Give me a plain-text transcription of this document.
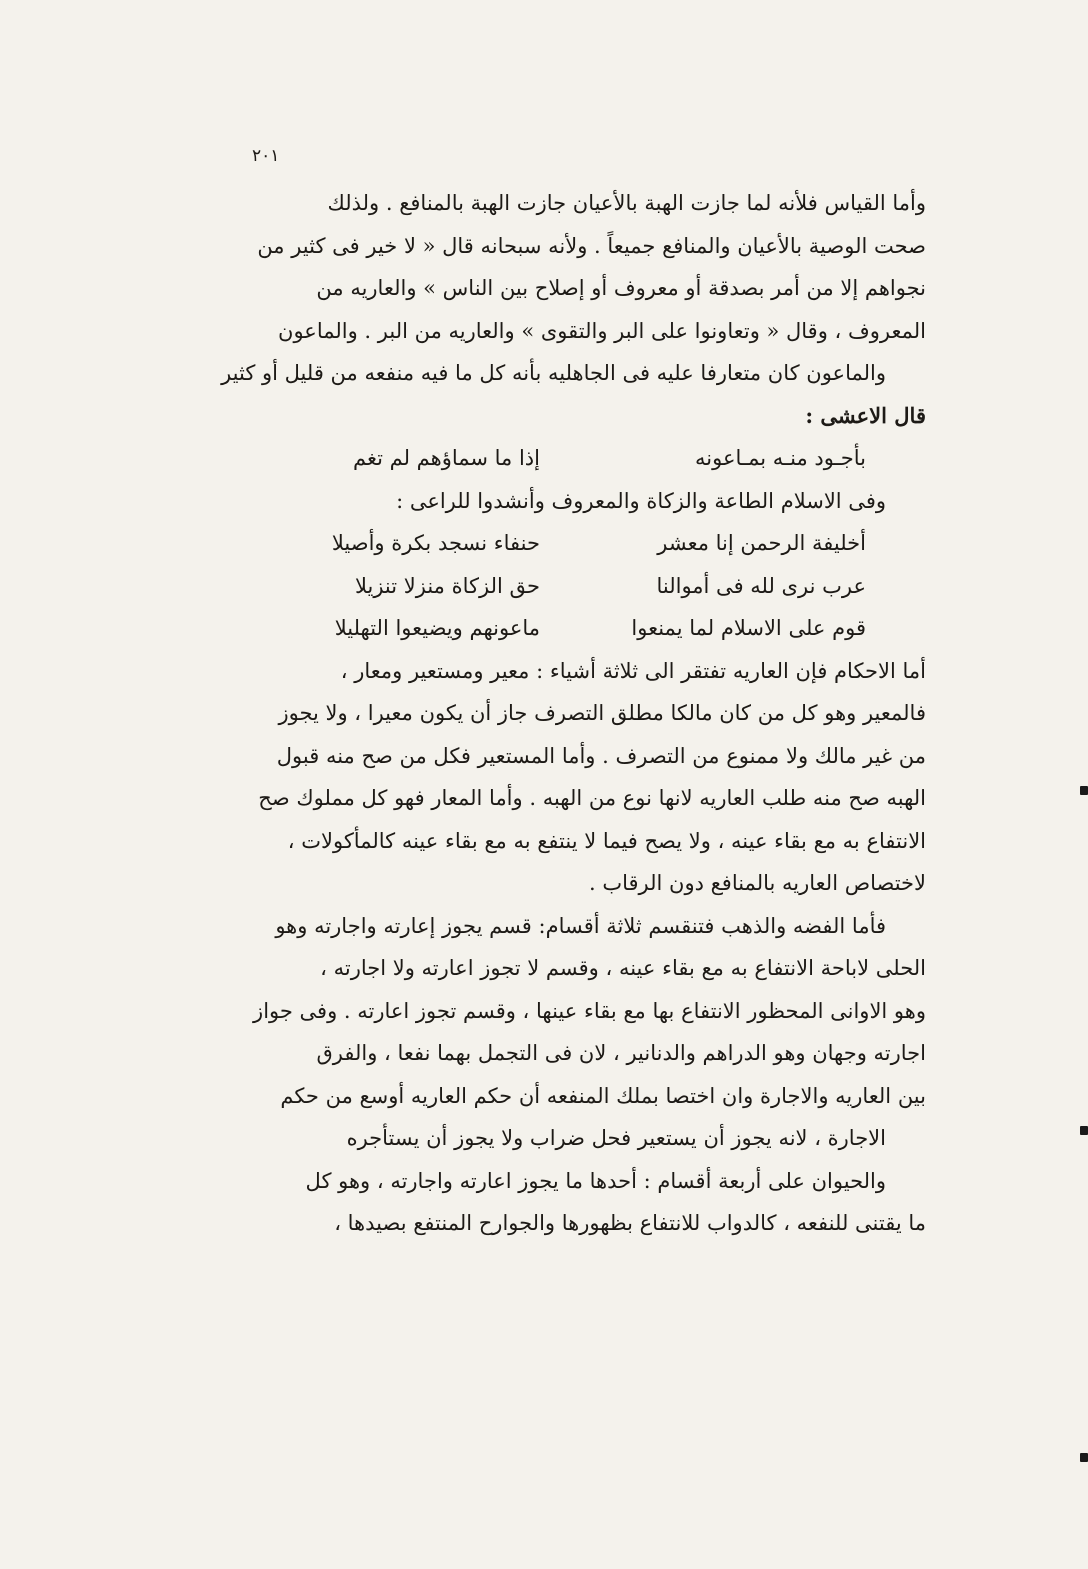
٢٠١
وأما القياس فلأنه لما جازت الهبة بالأعيان جازت الهبة بالمنافع . ولذلك
صحت الوصية بالأعيان والمنافع جميعاً . ولأنه سبحانه قال « لا خير فى كثير من
نجواهم إلا من أمر بصدقة أو معروف أو إصلاح بين الناس » والعاريه من
المعروف ، وقال « وتعاونوا على البر والتقوى » والعاريه من البر . والماعون
والماعون كان متعارفا عليه فى الجاهليه بأنه كل ما فيه منفعه من قليل أو كثير
قال الاعشى :
بأجـود منـه بمـاعونه
إذا ما سماؤهم لم تغم
وفى الاسلام الطاعة والزكاة والمعروف وأنشدوا للراعى :
أخليفة الرحمن إنا معشر
حنفاء نسجد بكرة وأصيلا
عرب نرى لله فى أموالنا
حق الزكاة منزلا تنزيلا
قوم على الاسلام لما يمنعوا
ماعونهم ويضيعوا التهليلا
أما الاحكام فإن العاريه تفتقر الى ثلاثة أشياء : معير ومستعير ومعار ،
فالمعير وهو كل من كان مالكا مطلق التصرف جاز أن يكون معيرا ، ولا يجوز
من غير مالك ولا ممنوع من التصرف . وأما المستعير فكل من صح منه قبول
الهبه صح منه طلب العاريه لانها نوع من الهبه . وأما المعار فهو كل مملوك صح
الانتفاع به مع بقاء عينه ، ولا يصح فيما لا ينتفع به مع بقاء عينه كالمأكولات ،
لاختصاص العاريه بالمنافع دون الرقاب .
فأما الفضه والذهب فتنقسم ثلاثة أقسام: قسم يجوز إعارته واجارته وهو
الحلى لاباحة الانتفاع به مع بقاء عينه ، وقسم لا تجوز اعارته ولا اجارته ،
وهو الاوانى المحظور الانتفاع بها مع بقاء عينها ، وقسم تجوز اعارته . وفى جواز
اجارته وجهان وهو الدراهم والدنانير ، لان فى التجمل بهما نفعا ، والفرق
بين العاريه والاجارة وان اختصا بملك المنفعه أن حكم العاريه أوسع من حكم
الاجارة ، لانه يجوز أن يستعير فحل ضراب ولا يجوز أن يستأجره
والحيوان على أربعة أقسام : أحدها ما يجوز اعارته واجارته ، وهو كل
ما يقتنى للنفعه ، كالدواب للانتفاع بظهورها والجوارح المنتفع بصيدها ،
